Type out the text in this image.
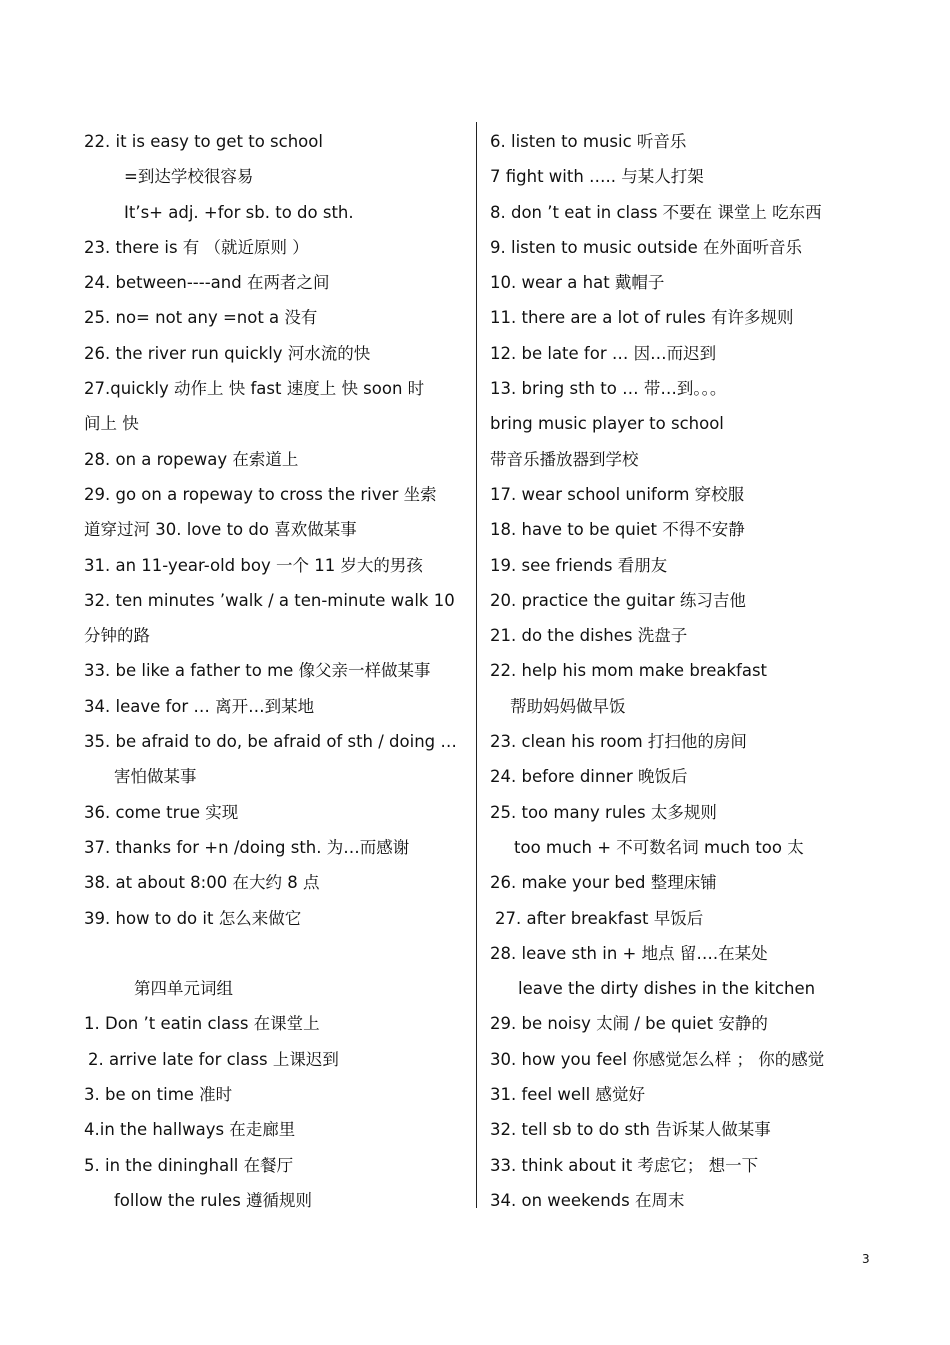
22. it is easy to get to school
=到达学校很容易
It’s+ adj. +for sb. to do sth.
23. there is 有 （就近原则 ）
24. between----and 在两者之间
25. no= not any =not a 没有
26. the river run quickly 河水流的快
27.quickly 动作上 快 fast 速度上 快 soon 时
间上 快
28. on a ropeway 在索道上
29. go on a ropeway to cross the river 坐索
道穿过河 30. love to do 喜欢做某事
31. an 11-year-old boy 一个 11 岁大的男孩
32. ten minutes ’walk / a ten-minute walk 10
分钟的路
33. be like a father to me 像父亲一样做某事
34. leave for … 离开…到某地
35. be afraid to do, be afraid of sth / doing …
害怕做某事
36. come true 实现
37. thanks for +n /doing sth. 为…而感谢
38. at about 8:00 在大约 8 点
39. how to do it 怎么来做它
第四单元词组
1. Don ’t eatin class 在课堂上
2. arrive late for class 上课迟到
3. be on time 准时
4.in the hallways 在走廊里
5. in the dininghall 在餐厅
follow the rules 遵循规则
6. listen to music 听音乐
7 fight with ….. 与某人打架
8. don ’t eat in class 不要在 课堂上 吃东西
9. listen to music outside 在外面听音乐
10. wear a hat 戴帽子
11. there are a lot of rules 有许多规则
12. be late for … 因…而迟到
13. bring sth to … 带…到。。。
bring music player to school
带音乐播放器到学校
17. wear school uniform 穿校服
18. have to be quiet 不得不安静
19. see friends 看朋友
20. practice the guitar 练习吉他
21. do the dishes 洗盘子
22. help his mom make breakfast
帮助妈妈做早饭
23. clean his room 打扫他的房间
24. before dinner 晚饭后
25. too many rules 太多规则
too much + 不可数名词 much too 太
26. make your bed 整理床铺
27. after breakfast 早饭后
28. leave sth in + 地点 留….在某处
leave the dirty dishes in the kitchen
29. be noisy 太闹 / be quiet 安静的
30. how you feel 你感觉怎么样 ； 你的感觉
31. feel well 感觉好
32. tell sb to do sth 告诉某人做某事
33. think about it 考虑它； 想一下
34. on weekends 在周末
3
